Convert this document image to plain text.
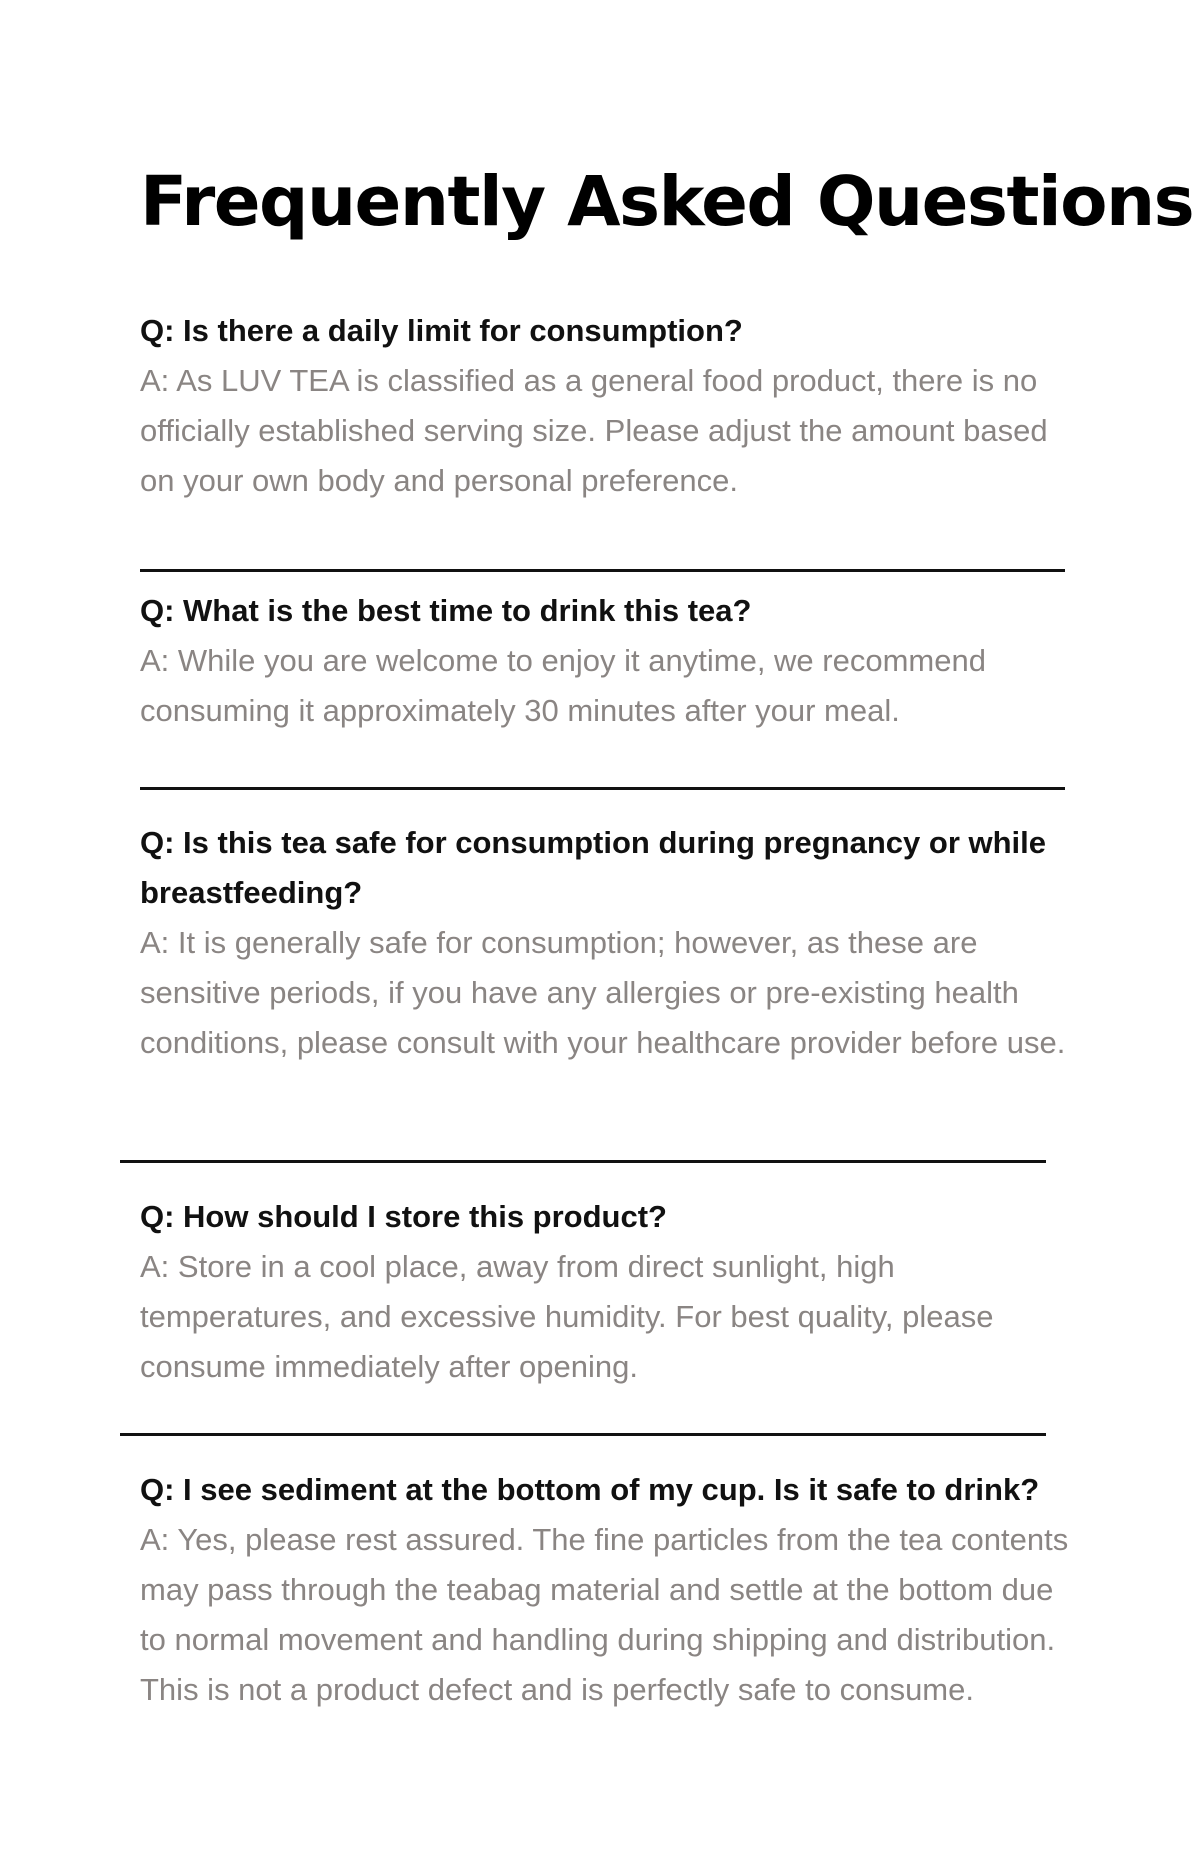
Frequently Asked Questions

Q: Is there a daily limit for consumption?

A: As LUV TEA is classified as a general food product, there is no officially established serving size. Please adjust the amount based on your own body and personal preference.

Q: What is the best time to drink this tea?

A: While you are welcome to enjoy it anytime, we recommend consuming it approximately 30 minutes after your meal.

Q: Is this tea safe for consumption during pregnancy or while breastfeeding?

A: It is generally safe for consumption; however, as these are sensitive periods, if you have any allergies or pre-existing health conditions, please consult with your healthcare provider before use.

Q: How should I store this product?

A: Store in a cool place, away from direct sunlight, high temperatures, and excessive humidity. For best quality, please consume immediately after opening.

Q: I see sediment at the bottom of my cup. Is it safe to drink?

A: Yes, please rest assured. The fine particles from the tea contents may pass through the teabag material and settle at the bottom due to normal movement and handling during shipping and distribution. This is not a product defect and is perfectly safe to consume.
